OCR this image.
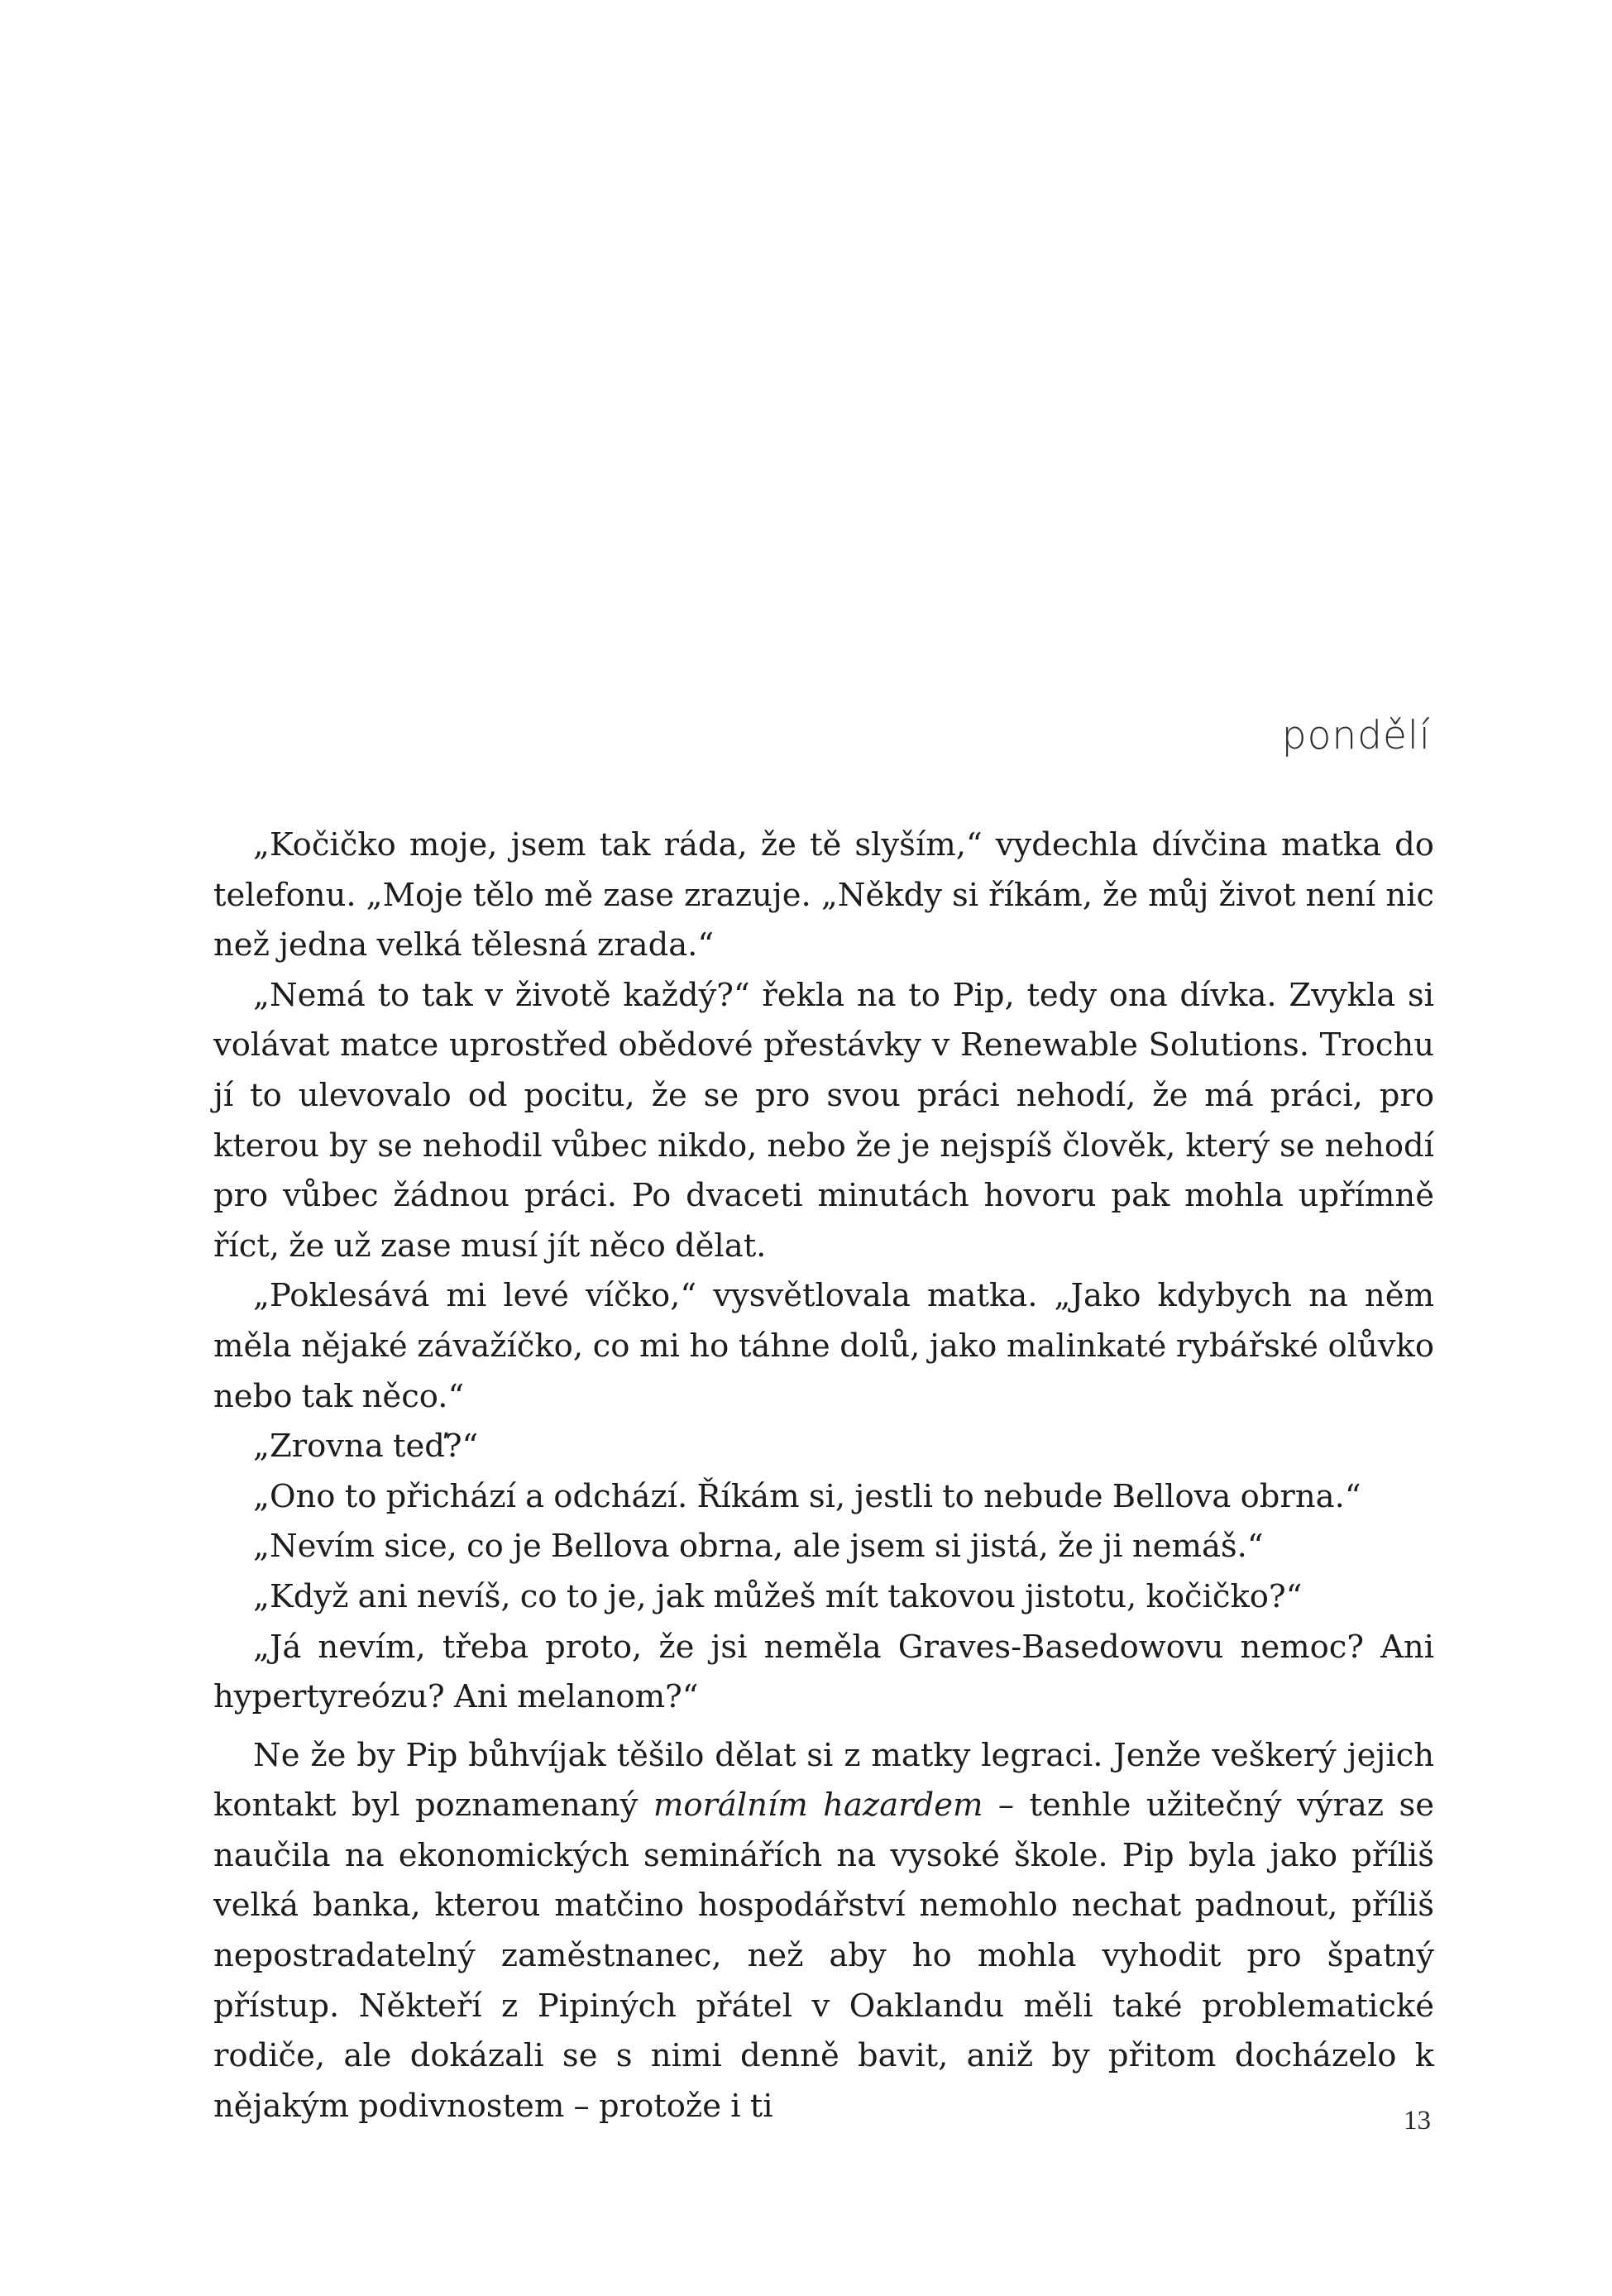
pondělí

„Kočičko moje, jsem tak ráda, že tě slyším,“ vydechla dívčina matka do telefonu. „Moje tělo mě zase zrazuje. „Někdy si říkám, že můj život není nic než jedna velká tělesná zrada.“

„Nemá to tak v životě každý?“ řekla na to Pip, tedy ona dívka. Zvykla si volávat matce uprostřed obědové přestávky v Renewable Solutions. Trochu jí to ulevovalo od pocitu, že se pro svou práci nehodí, že má práci, pro kterou by se nehodil vůbec nikdo, nebo že je nejspíš člověk, který se nehodí pro vůbec žádnou práci. Po dvaceti minutách hovoru pak mohla upřímně říct, že už zase musí jít něco dělat.

„Poklesává mi levé víčko,“ vysvětlovala matka. „Jako kdybych na něm měla nějaké závažíčko, co mi ho táhne dolů, jako malinkaté rybářské olůvko nebo tak něco.“

„Zrovna teď?“

„Ono to přichází a odchází. Říkám si, jestli to nebude Bellova obrna.“

„Nevím sice, co je Bellova obrna, ale jsem si jistá, že ji nemáš.“

„Když ani nevíš, co to je, jak můžeš mít takovou jistotu, kočičko?“

„Já nevím, třeba proto, že jsi neměla Graves-Basedowovu nemoc? Ani hypertyreózu? Ani melanom?“

Ne že by Pip bůhvíjak těšilo dělat si z matky legraci. Jenže veškerý jejich kontakt byl poznamenaný morálním hazardem – tenhle užitečný výraz se naučila na ekonomických seminářích na vysoké škole. Pip byla jako příliš velká banka, kterou matčino hospodářství nemohlo nechat padnout, příliš nepostradatelný zaměstnanec, než aby ho mohla vyhodit pro špatný přístup. Někteří z Pipiných přátel v Oaklandu měli také problematické rodiče, ale dokázali se s nimi denně bavit, aniž by přitom docházelo k nějakým podivnostem – protože i ti	13
